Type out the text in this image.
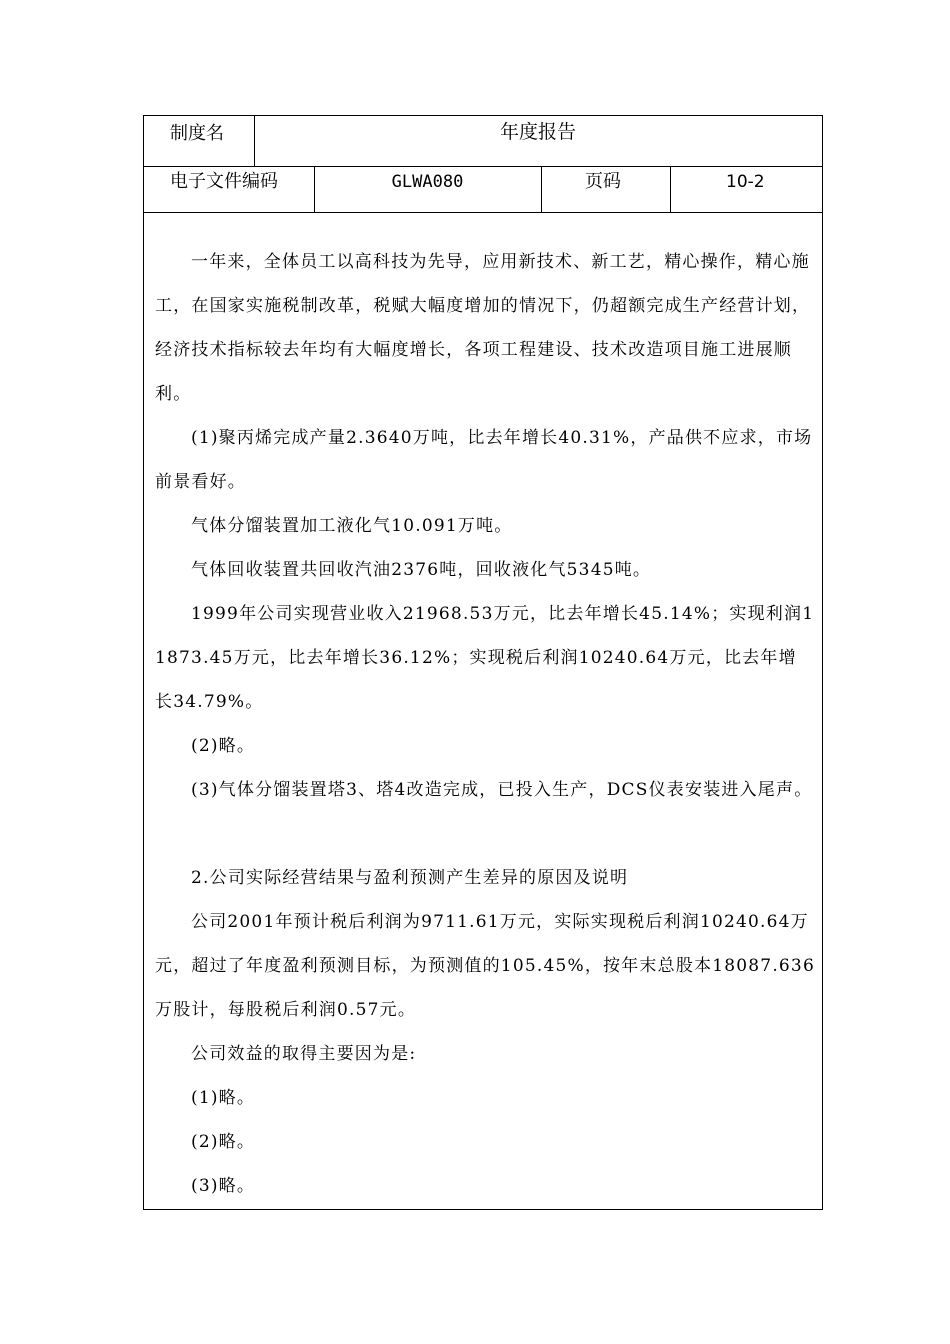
制度名	年度报告
电子文件编码	GLWA080	页码	10-2

一年来，全体员工以高科技为先导，应用新技术、新工艺，精心操作，精心施工，在国家实施税制改革，税赋大幅度增加的情况下，仍超额完成生产经营计划，经济技术指标较去年均有大幅度增长，各项工程建设、技术改造项目施工进展顺利。

(1)聚丙烯完成产量2.3640万吨，比去年增长40.31%，产品供不应求，市场前景看好。

气体分馏装置加工液化气10.091万吨。

气体回收装置共回收汽油2376吨，回收液化气5345吨。

1999年公司实现营业收入21968.53万元，比去年增长45.14%；实现利润11873.45万元，比去年增长36.12%；实现税后利润10240.64万元，比去年增长34.79%。

(2)略。

(3)气体分馏装置塔3、塔4改造完成，已投入生产，DCS仪表安装进入尾声。

2.公司实际经营结果与盈利预测产生差异的原因及说明

公司2001年预计税后利润为9711.61万元，实际实现税后利润10240.64万元，超过了年度盈利预测目标，为预测值的105.45%，按年末总股本18087.636万股计，每股税后利润0.57元。

公司效益的取得主要因为是:

(1)略。

(2)略。

(3)略。
